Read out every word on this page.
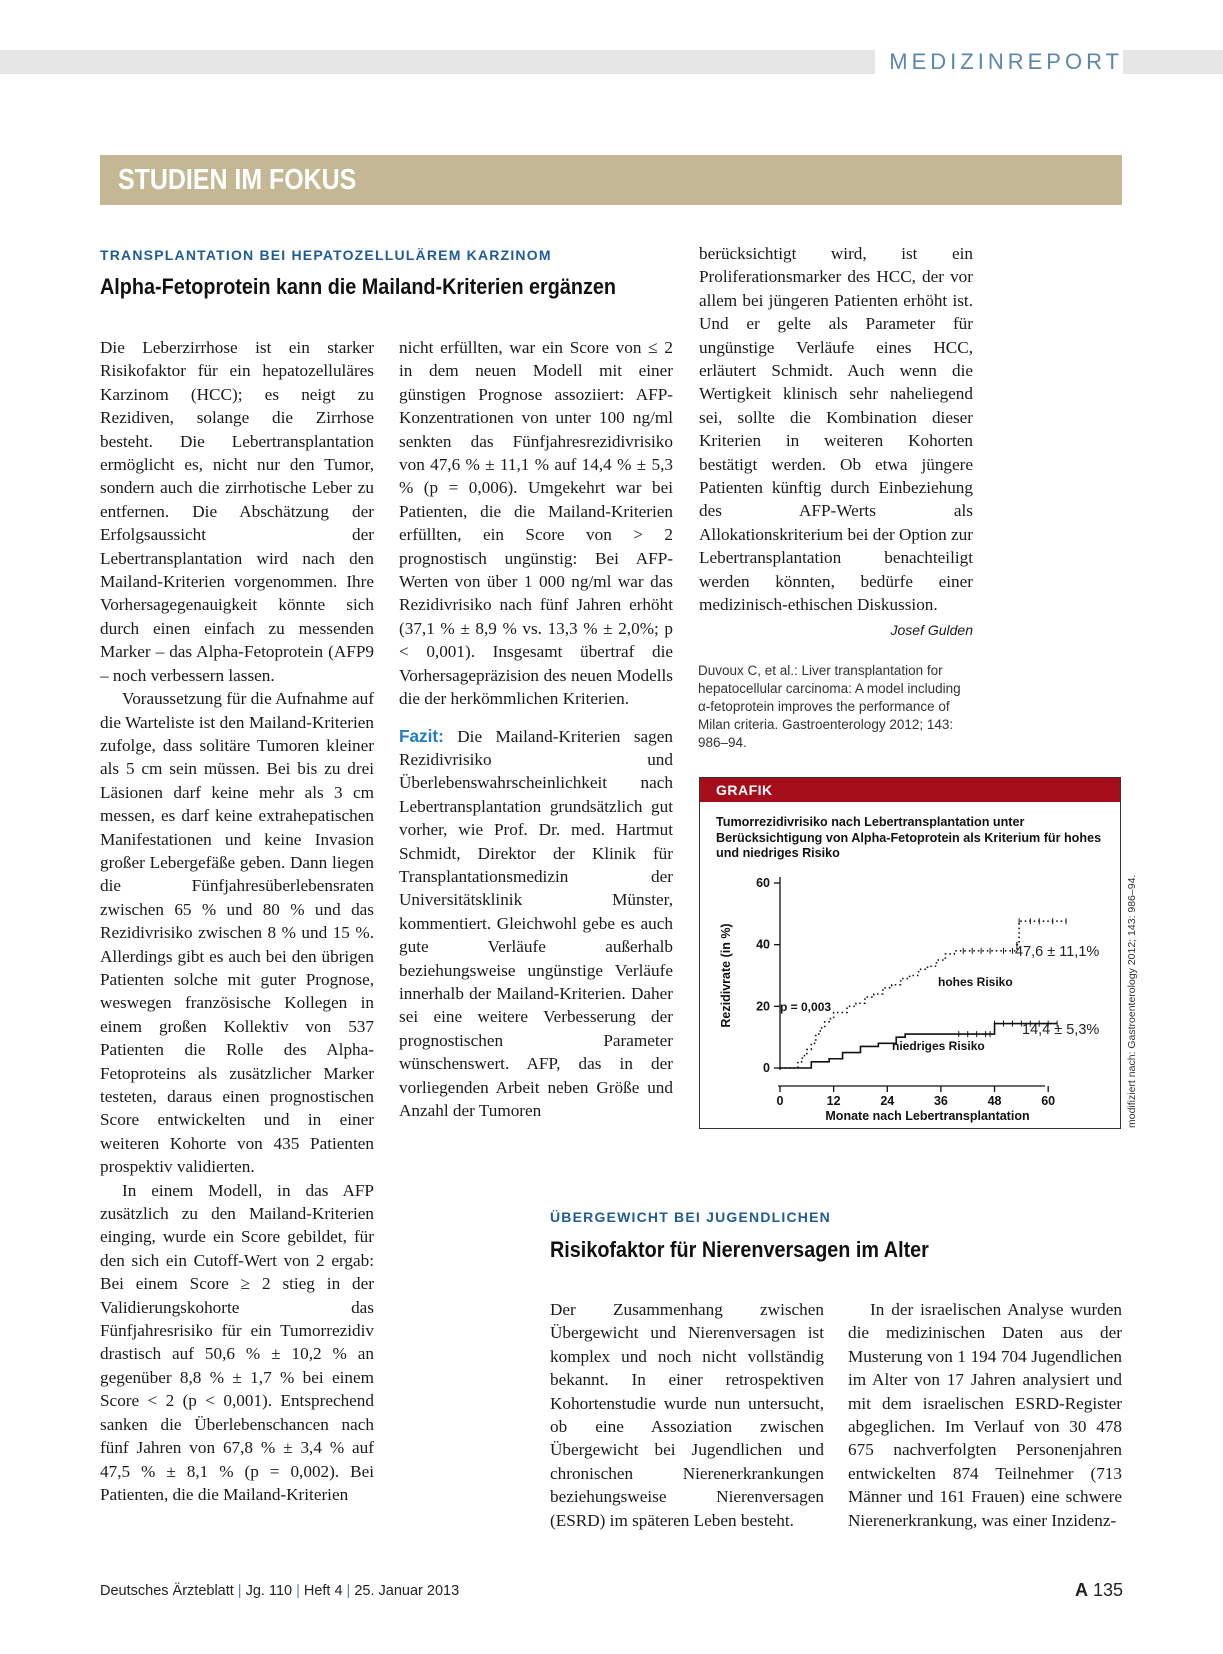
MEDIZINREPORT
STUDIEN IM FOKUS
TRANSPLANTATION BEI HEPATOZELLULÄREM KARZINOM
Alpha-Fetoprotein kann die Mailand-Kriterien ergänzen

Die Leberzirrhose ist ein starker Risikofaktor für ein hepatozelluläres Karzinom (HCC); es neigt zu Rezidiven, solange die Zirrhose besteht. Die Lebertransplantation ermöglicht es, nicht nur den Tumor, sondern auch die zirrhotische Leber zu entfernen. Die Abschätzung der Erfolgsaussicht der Lebertransplantation wird nach den Mailand-Kriterien vorgenommen. Ihre Vorhersagegenauigkeit könnte sich durch einen einfach zu messenden Marker – das Alpha-Fetoprotein (AFP9 – noch verbessern lassen.

Voraussetzung für die Aufnahme auf die Warteliste ist den Mailand-Kriterien zufolge, dass solitäre Tumoren kleiner als 5 cm sein müssen. Bei bis zu drei Läsionen darf keine mehr als 3 cm messen, es darf keine extrahepatischen Manifestationen und keine Invasion großer Lebergefäße geben. Dann liegen die Fünfjahresüberlebensraten zwischen 65 % und 80 % und das Rezidivrisiko zwischen 8 % und 15 %. Allerdings gibt es auch bei den übrigen Patienten solche mit guter Prognose, weswegen französische Kollegen in einem großen Kollektiv von 537 Patienten die Rolle des Alpha-Fetoproteins als zusätzlicher Marker testeten, daraus einen prognostischen Score entwickelten und in einer weiteren Kohorte von 435 Patienten prospektiv validierten.

In einem Modell, in das AFP zusätzlich zu den Mailand-Kriterien einging, wurde ein Score gebildet, für den sich ein Cutoff-Wert von 2 ergab: Bei einem Score ≥ 2 stieg in der Validierungskohorte das Fünfjahresrisiko für ein Tumorrezidiv drastisch auf 50,6 % ± 10,2 % an gegenüber 8,8 % ± 1,7 % bei einem Score < 2 (p < 0,001). Entsprechend sanken die Überlebenschancen nach fünf Jahren von 67,8 % ± 3,4 % auf 47,5 % ± 8,1 % (p = 0,002). Bei Patienten, die die Mailand-Kriterien

nicht erfüllten, war ein Score von ≤ 2 in dem neuen Modell mit einer günstigen Prognose assoziiert: AFP-Konzentrationen von unter 100 ng/ml senkten das Fünfjahresrezidivrisiko von 47,6 % ± 11,1 % auf 14,4 % ± 5,3 % (p = 0,006). Umgekehrt war bei Patienten, die die Mailand-Kriterien erfüllten, ein Score von > 2 prognostisch ungünstig: Bei AFP-Werten von über 1 000 ng/ml war das Rezidivrisiko nach fünf Jahren erhöht (37,1 % ± 8,9 % vs. 13,3 % ± 2,0%; p < 0,001). Insgesamt übertraf die Vorhersagepräzision des neuen Modells die der herkömmlichen Kriterien.

Fazit: Die Mailand-Kriterien sagen Rezidivrisiko und Überlebenswahrscheinlichkeit nach Lebertransplantation grundsätzlich gut vorher, wie Prof. Dr. med. Hartmut Schmidt, Direktor der Klinik für Transplantationsmedizin der Universitätsklinik Münster, kommentiert. Gleichwohl gebe es auch gute Verläufe außerhalb beziehungsweise ungünstige Verläufe innerhalb der Mailand-Kriterien. Daher sei eine weitere Verbesserung der prognostischen Parameter wünschenswert. AFP, das in der vorliegenden Arbeit neben Größe und Anzahl der Tumoren

berücksichtigt wird, ist ein Proliferationsmarker des HCC, der vor allem bei jüngeren Patienten erhöht ist. Und er gelte als Parameter für ungünstige Verläufe eines HCC, erläutert Schmidt. Auch wenn die Wertigkeit klinisch sehr naheliegend sei, sollte die Kombination dieser Kriterien in weiteren Kohorten bestätigt werden. Ob etwa jüngere Patienten künftig durch Einbeziehung des AFP-Werts als Allokationskriterium bei der Option zur Lebertransplantation benachteiligt werden könnten, bedürfe einer medizinisch-ethischen Diskussion.

Josef Gulden
Duvoux C, et al.: Liver transplantation for hepatocellular carcinoma: A model including α-fetoprotein improves the performance of Milan criteria. Gastroenterology 2012; 143: 986–94.
GRAFIK
Tumorrezidivrisiko nach Lebertransplantation unter Berücksichtigung von Alpha-Fetoprotein als Kriterium für hohes und niedriges Risiko
0
20
40
60
0	12	24	36	48	60
Monate nach Lebertransplantation
Rezidivrate (in %)	p = 0,003
hohes Risiko
niedriges Risiko
47,6 ± 11,1%
14,4 ± 5,3%	modifiziert nach: Gastroenterology 2012; 143: 986–94.
ÜBERGEWICHT BEI JUGENDLICHEN
Risikofaktor für Nierenversagen im Alter

Der Zusammenhang zwischen Übergewicht und Nierenversagen ist komplex und noch nicht vollständig bekannt. In einer retrospektiven Kohortenstudie wurde nun untersucht, ob eine Assoziation zwischen Übergewicht bei Jugendlichen und chronischen Nierenerkrankungen beziehungsweise Nierenversagen (ESRD) im späteren Leben besteht.

In der israelischen Analyse wurden die medizinischen Daten aus der Musterung von 1 194 704 Jugendlichen im Alter von 17 Jahren analysiert und mit dem israelischen ESRD-Register abgeglichen. Im Verlauf von 30 478 675 nachverfolgten Personenjahren entwickelten 874 Teilnehmer (713 Männer und 161 Frauen) eine schwere Nierenerkrankung, was einer Inzidenz-

Deutsches Ärzteblatt | Jg. 110 | Heft 4 | 25. Januar 2013	A 135
